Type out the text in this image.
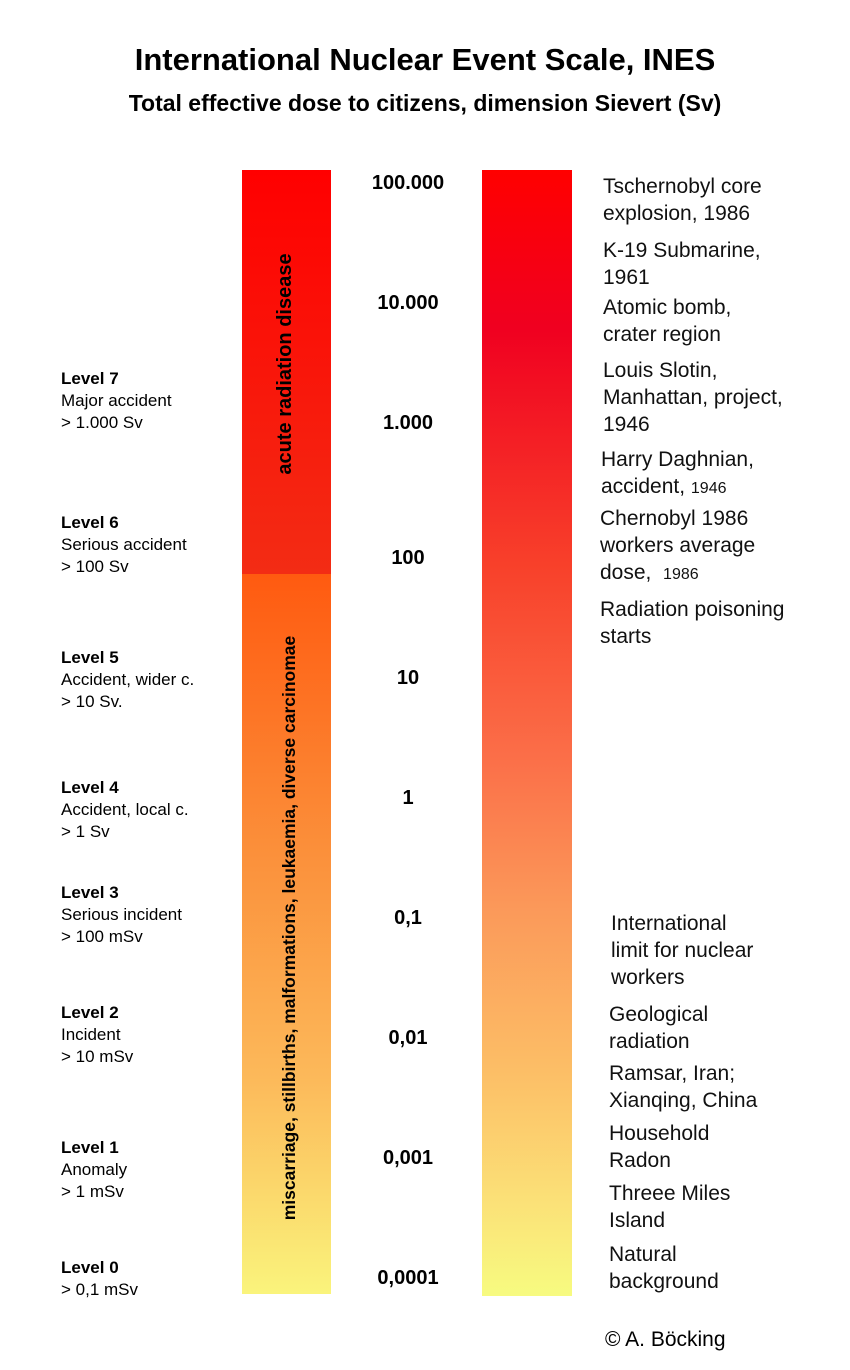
International Nuclear Event Scale, INES
Total effective dose to citizens, dimension Sievert (Sv)
Level 7
Major accident
> 1.000 Sv
Level 6
Serious accident
> 100 Sv
Level 5
Accident, wider c.
> 10 Sv.
Level 4
Accident, local c.
> 1 Sv
Level 3
Serious incident
> 100 mSv
Level 2
Incident
> 10 mSv
Level 1
Anomaly
> 1 mSv
Level 0
> 0,1 mSv
acute radiation disease
miscarriage, stillbirths, malformations, leukaemia, diverse carcinomae
100.000
10.000
1.000
100
10
1
0,1
0,01
0,001
0,0001
Tschernobyl core
explosion, 1986
K-19 Submarine,
1961
Atomic bomb,
crater region
Louis Slotin,
Manhattan, project,
1946
Harry Daghnian,
accident, 1946
Chernobyl 1986
workers average
dose, 1986
Radiation poisoning
starts
International
limit for nuclear
workers
Geological
radiation
Ramsar, Iran;
Xianqing, China
Household
Radon
Threee Miles
Island
Natural
background
© A. Böcking
